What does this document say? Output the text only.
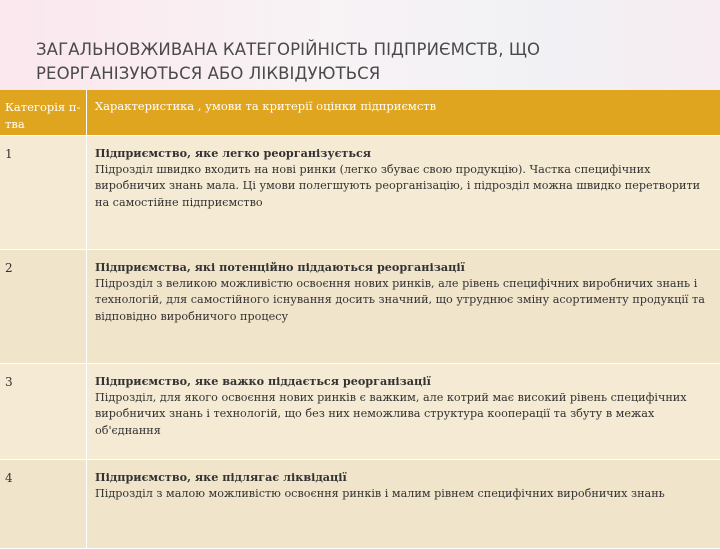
ЗАГАЛЬНОВЖИВАНА КАТЕГОРІЙНІСТЬ ПІДПРИЄМСТВ, ЩО РЕОРГАНІЗУЮТЬСЯ АБО ЛІКВІДУЮТЬСЯ
Категорія п-тва	Характеристика , умови та критерії оцінки підприємств

1	Підприємство, яке легко реорганізується
Підрозділ швидко входить на нові ринки (легко збуває свою продукцію). Частка специфічних виробничих знань мала. Ці умови полегшують реорганізацію, і підрозділ можна швидко перетворити на самостійне підприємство

2	Підприємства, які потенційно піддаються реорганізації
Підрозділ з великою можливістю освоєння нових ринків, але рівень специфічних виробничих знань і технологій, для самостійного існування досить значний, що утруднює зміну асортименту продукції та відповідно виробничого процесу

3	Підприємство, яке важко піддається реорганізації
Підрозділ, для якого освоєння нових ринків є важким, але котрий має високий рівень специфічних виробничих знань і технологій, що без них неможлива структура кооперації та збуту в межах об'єднання

4	Підприємство, яке підлягає ліквідації
Підрозділ з малою можливістю освоєння ринків і малим рівнем специфічних виробничих знань
